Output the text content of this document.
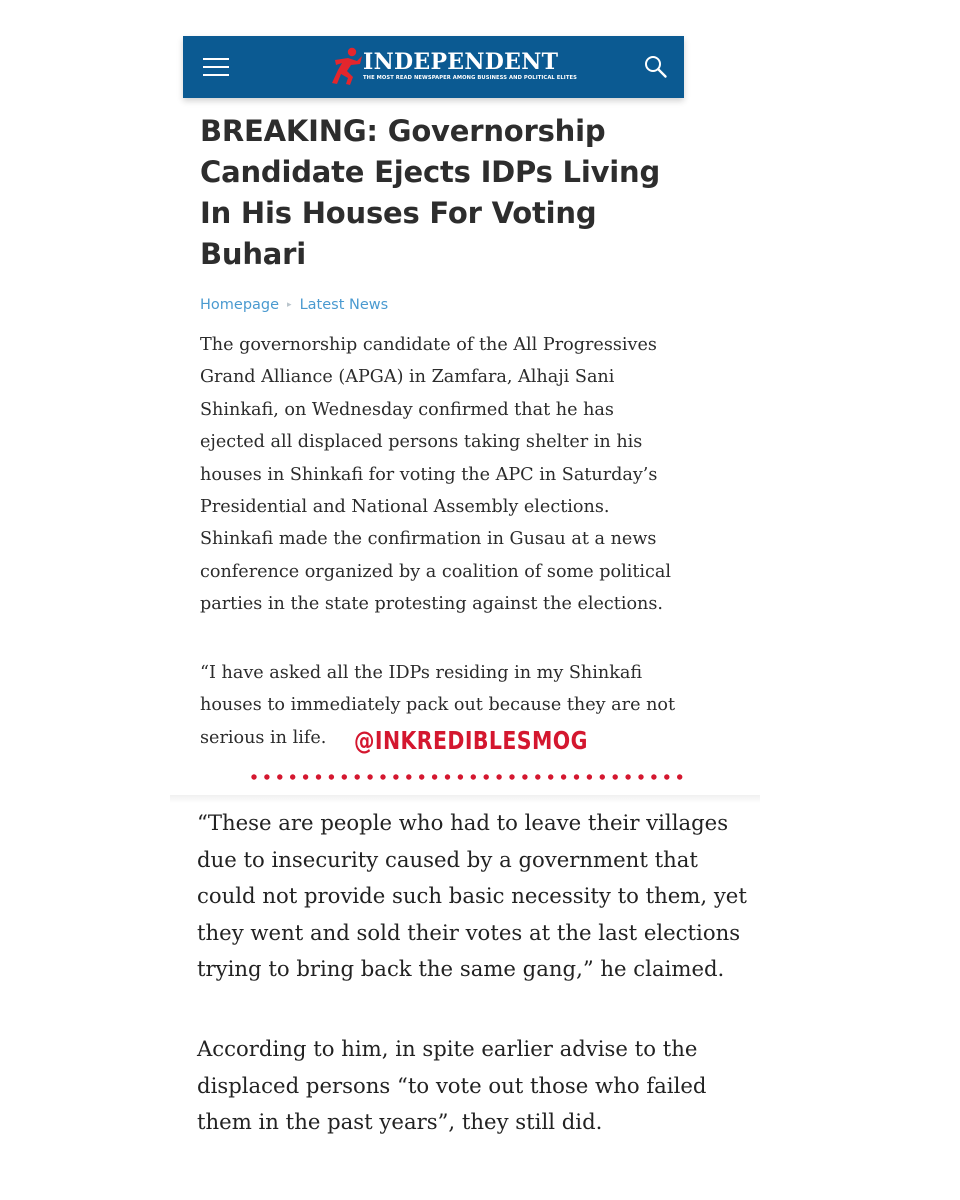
INDEPENDENT
THE MOST READ NEWSPAPER AMONG BUSINESS AND POLITICAL ELITES
BREAKING: Governorship Candidate Ejects IDPs Living In His Houses For Voting Buhari
Homepage ▸ Latest News

The governorship candidate of the All Progressives Grand Alliance (APGA) in Zamfara, Alhaji Sani Shinkafi, on Wednesday confirmed that he has ejected all displaced persons taking shelter in his houses in Shinkafi for voting the APC in Saturday’s Presidential and National Assembly elections. Shinkafi made the confirmation in Gusau at a news conference organized by a coalition of some political parties in the state protesting against the elections.

“I have asked all the IDPs residing in my Shinkafi houses to immediately pack out because they are not serious in life.	@INKREDIBLESMOG

“These are people who had to leave their villages due to insecurity caused by a government that could not provide such basic necessity to them, yet they went and sold their votes at the last elections trying to bring back the same gang,” he claimed.

According to him, in spite earlier advise to the displaced persons “to vote out those who failed them in the past years”, they still did.
